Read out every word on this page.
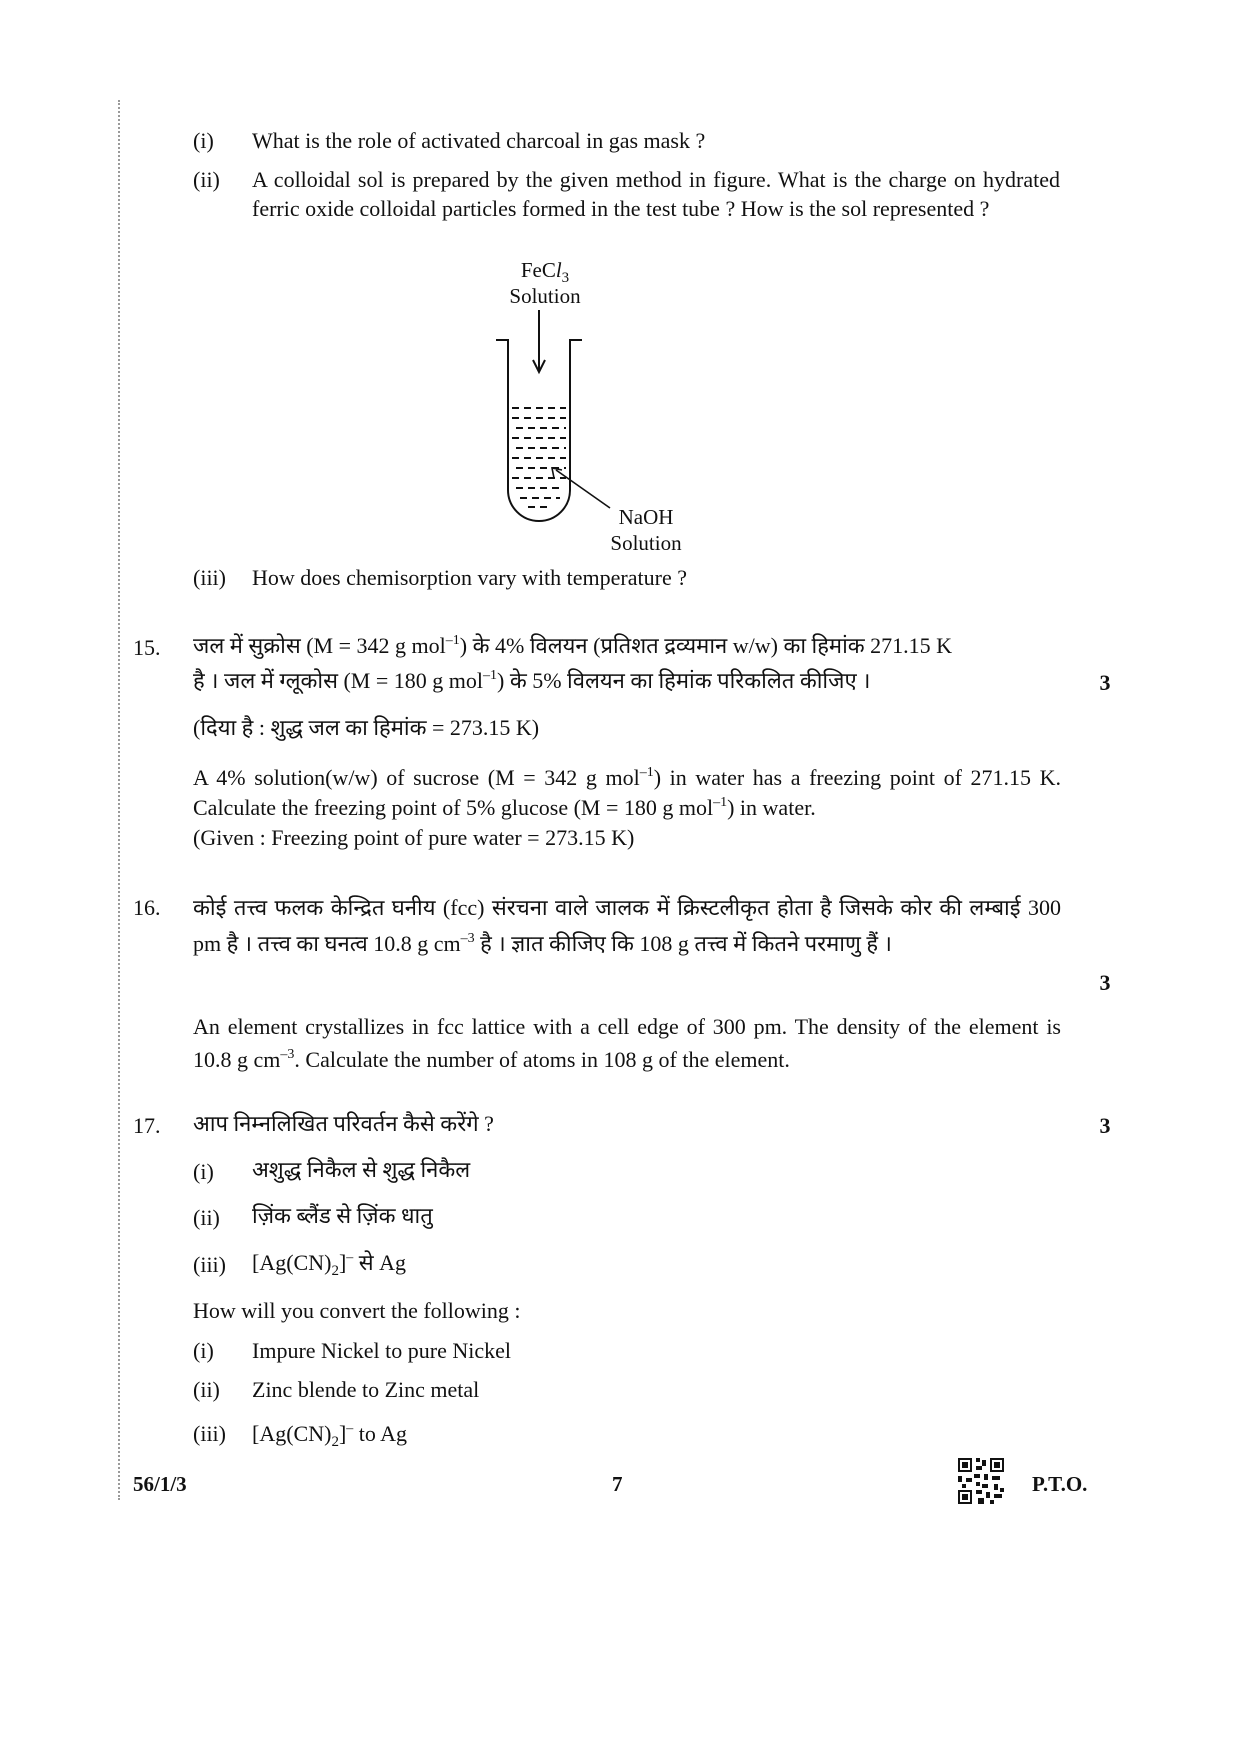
(i)	What is the role of activated charcoal in gas mask ?
(ii)	A colloidal sol is prepared by the given method in figure. What is the charge on hydrated ferric oxide colloidal particles formed in the test tube ? How is the sol represented ?
FeCl$_3$
Solution
NaOH
Solution
(iii)	How does chemisorption vary with temperature ?
15.	जल में सुक्रोस (M = 342 g mol$^{-1}$) के 4% विलयन (प्रतिशत द्रव्यमान w/w) का हिमांक 271.15 K
है । जल में ग्लूकोस (M = 180 g mol$^{-1}$) के 5% विलयन का हिमांक परिकलित कीजिए ।	3
(दिया है : शुद्ध जल का हिमांक = 273.15 K)
A 4% solution(w/w) of sucrose (M = 342 g mol$^{-1}$) in water has a freezing point of 271.15 K. Calculate the freezing point of 5% glucose (M = 180 g mol$^{-1}$) in water.
(Given : Freezing point of pure water = 273.15 K)
16.	कोई तत्त्व फलक केन्द्रित घनीय (fcc) संरचना वाले जालक में क्रिस्टलीकृत होता है जिसके कोर की लम्बाई 300 pm है । तत्त्व का घनत्व 10.8 g $cm^{-3}$ है । ज्ञात कीजिए कि 108 g तत्त्व में कितने परमाणु हैं ।
3
An element crystallizes in fcc lattice with a cell edge of 300 pm. The density of the element is 10.8 g $cm^{-3}$. Calculate the number of atoms in 108 g of the element.
17.	आप निम्नलिखित परिवर्तन कैसे करेंगे ?	3
(i)	अशुद्ध निकैल से शुद्ध निकैल
(ii)	ज़िंक ब्लैंड से ज़िंक धातु
(iii)	$[Ag(CN)_2]^-$ से Ag
How will you convert the following :
(i)	Impure Nickel to pure Nickel
(ii)	Zinc blende to Zinc metal
(iii)	$[Ag(CN)_2]^-$ to Ag
56/1/3	7	P.T.O.
